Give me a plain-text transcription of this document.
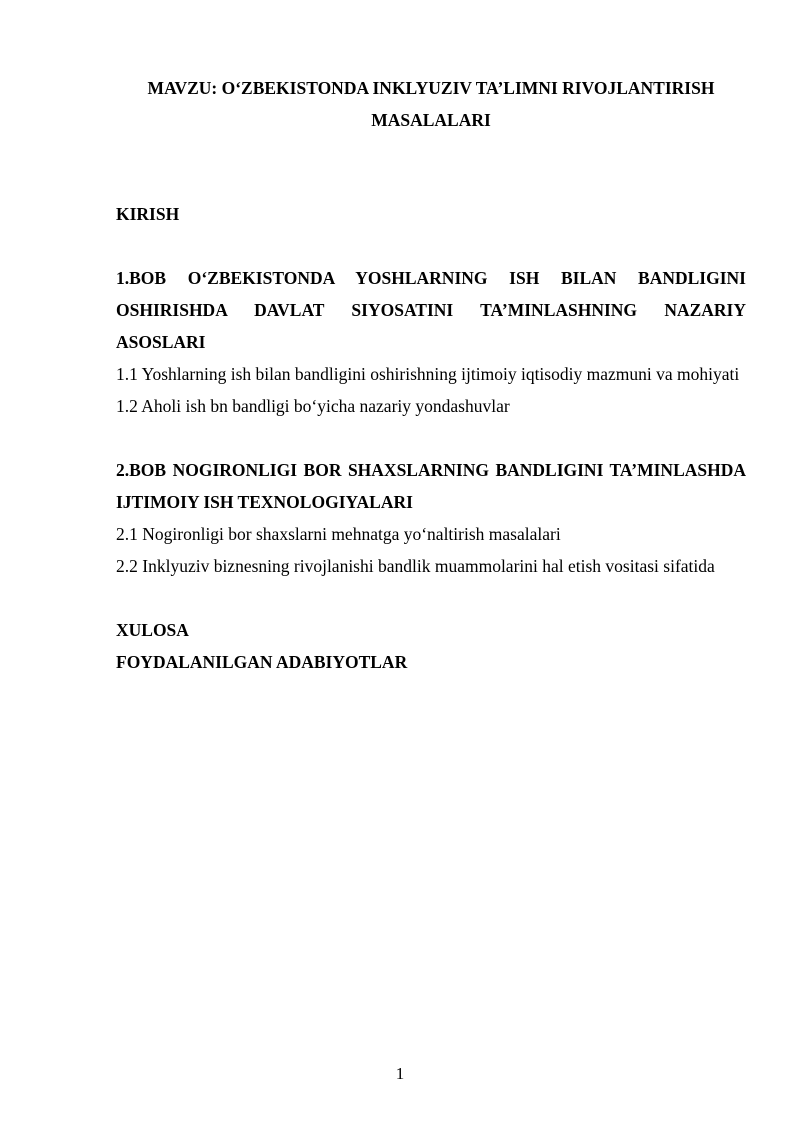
MAVZU: O‘ZBEKISTONDA INKLYUZIV TA’LIMNI RIVOJLANTIRISH MASALALARI

KIRISH

1.BOB O‘ZBEKISTONDA YOSHLARNING ISH BILAN BANDLIGINI OSHIRISHDA DAVLAT SIYOSATINI TA’MINLASHNING NAZARIY ASOSLARI

1.1 Yoshlarning ish bilan bandligini oshirishning ijtimoiy iqtisodiy mazmuni va mohiyati

1.2 Aholi ish bn bandligi bo‘yicha nazariy yondashuvlar

2.BOB NOGIRONLIGI BOR SHAXSLARNING BANDLIGINI TA’MINLASHDA IJTIMOIY ISH TEXNOLOGIYALARI

2.1 Nogironligi bor shaxslarni mehnatga yo‘naltirish masalalari

2.2 Inklyuziv biznesning rivojlanishi bandlik muammolarini hal etish vositasi sifatida

XULOSA

FOYDALANILGAN ADABIYOTLAR

1
